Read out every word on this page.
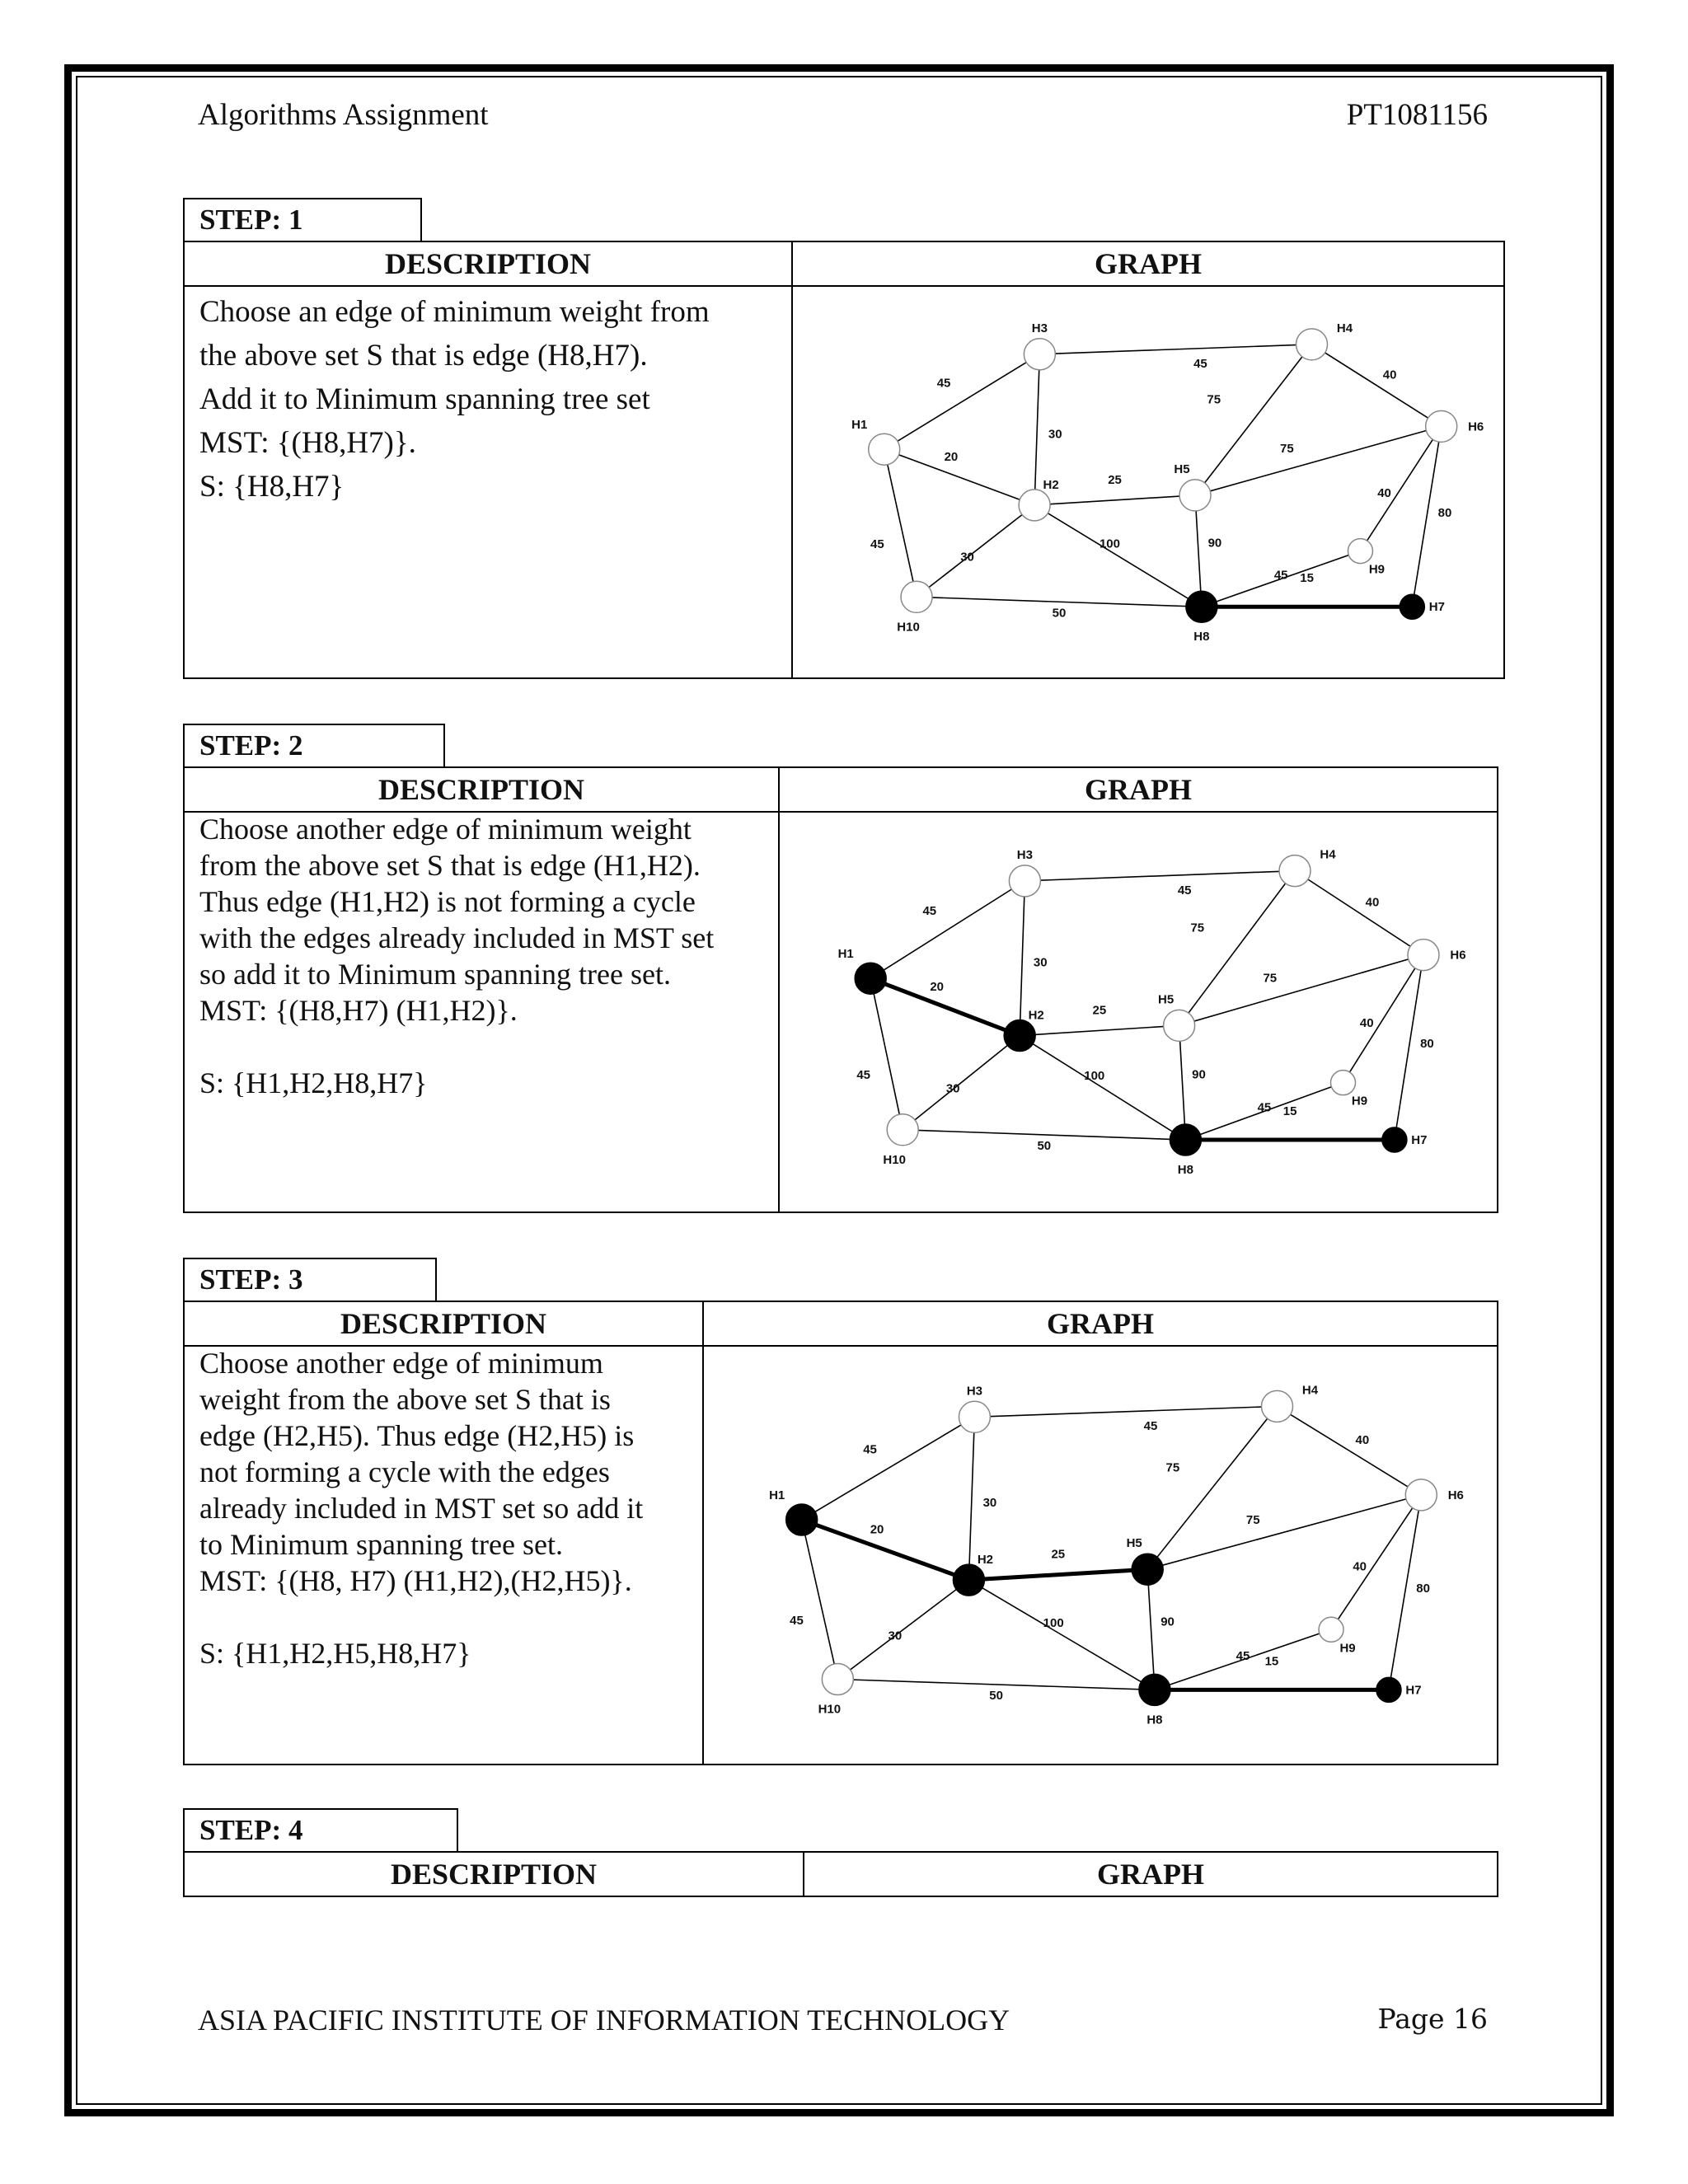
Algorithms Assignment	PT1081156
STEP: 1
DESCRIPTION	GRAPH
Choose an edge of minimum weight from
the above set S that is edge (H8,H7).
Add it to Minimum spanning tree set
MST: {(H8,H7)}.
S: {H8,H7}
45
45
40
30
20
25
75
75
45
40
80
30
100	90
45 15
50
H1
H2
H3	H4
H5
H6
H7
H8
H9
H10
STEP: 2
DESCRIPTION	GRAPH
Choose another edge of minimum weight
from the above set S that is edge (H1,H2).
Thus edge (H1,H2) is not forming a cycle
with the edges already included in MST set
so add it to Minimum spanning tree set.
MST: {(H8,H7) (H1,H2)}.
S: {H1,H2,H8,H7}
45
45
40
30
20
25
75
75
45
40
80
30
100	90
45 15
50
H1
H2
H3	H4
H5
H6
H7
H8
H9
H10
STEP: 3
DESCRIPTION	GRAPH
Choose another edge of minimum
weight from the above set S that is
edge (H2,H5). Thus edge (H2,H5) is
not forming a cycle with the edges
already included in MST set so add it
to Minimum spanning tree set.
MST: {(H8, H7) (H1,H2),(H2,H5)}.
S: {H1,H2,H5,H8,H7}
45
45
40
30
20
25
75
75
45
40
80
30
100	90
45 15
50
H1
H2
H3	H4
H5
H6
H7
H8
H9
H10
STEP: 4
DESCRIPTION	GRAPH
ASIA PACIFIC INSTITUTE OF INFORMATION TECHNOLOGY	Page 16
